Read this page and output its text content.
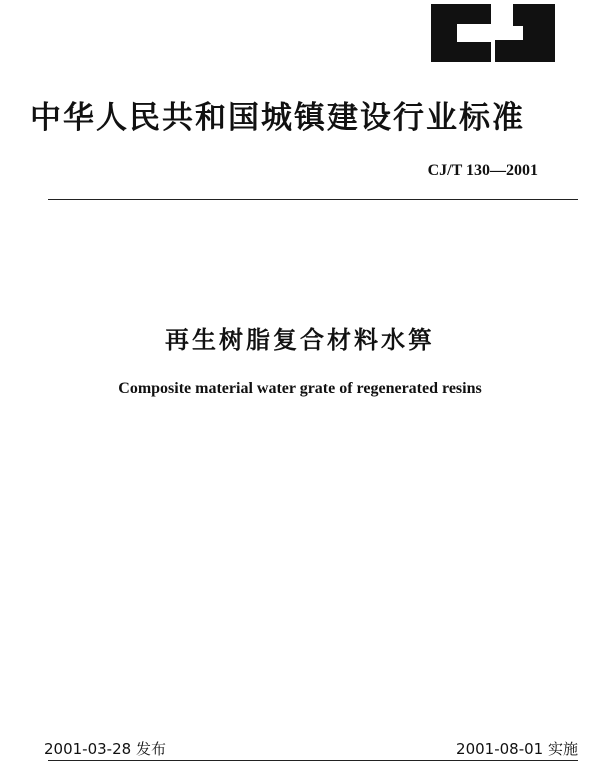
中华人民共和国城镇建设行业标准
CJ/T 130—2001
再生树脂复合材料水箅
Composite material water grate of regenerated resins
2001-03-28 发布	2001-08-01 实施
